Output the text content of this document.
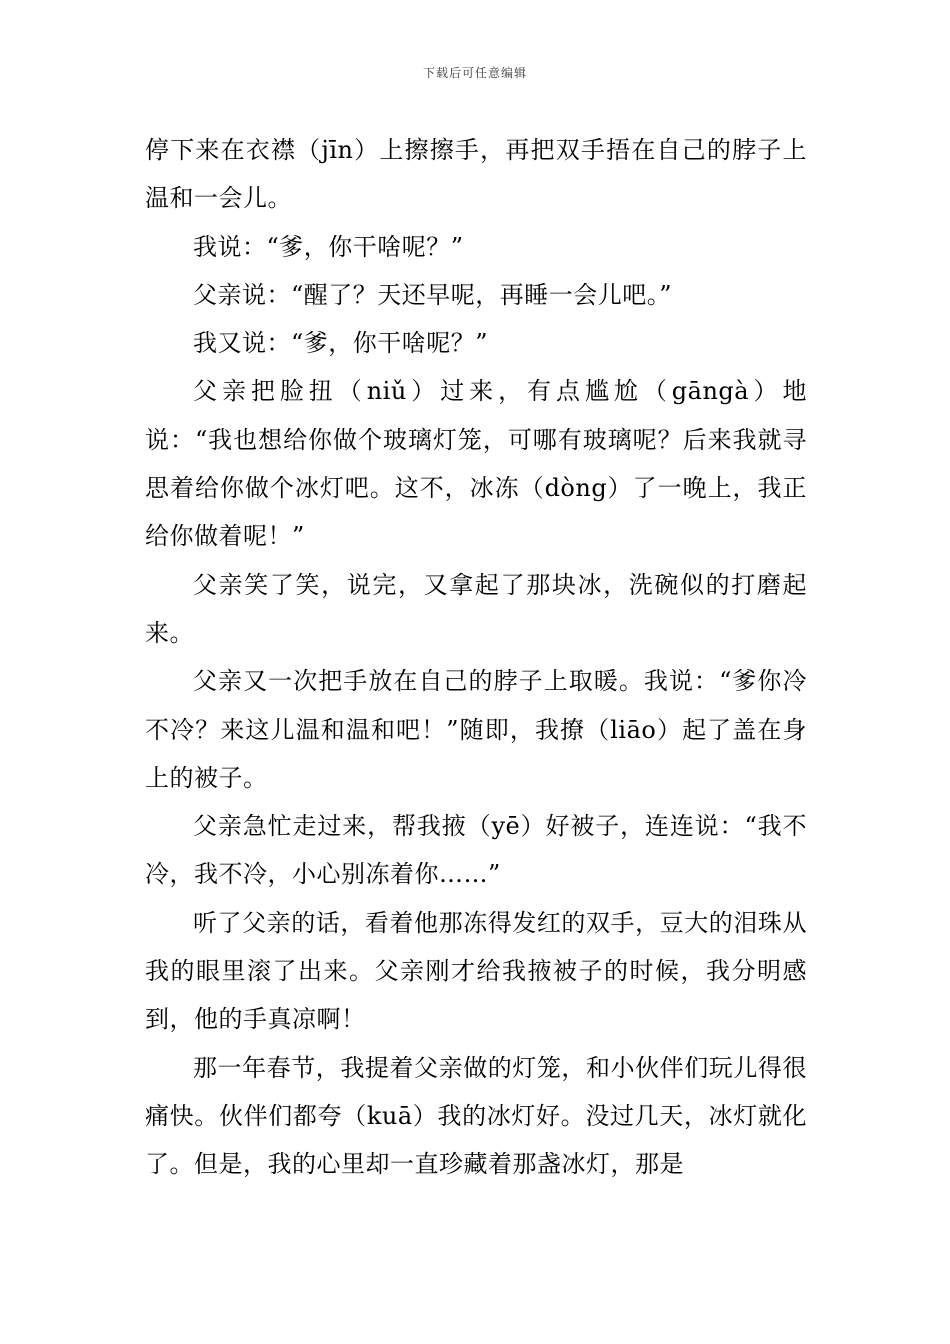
下载后可任意编辑

停下来在衣襟（jīn）上擦擦手，再把双手捂在自己的脖子上温和一会儿。

我说：“爹，你干啥呢？”

父亲说：“醒了？天还早呢，再睡一会儿吧。”

我又说：“爹，你干啥呢？”

父亲把脸扭（niǔ）过来，有点尴尬（gāngà）地说：“我也想给你做个玻璃灯笼，可哪有玻璃呢？后来我就寻思着给你做个冰灯吧。这不，冰冻（dòng）了一晚上，我正给你做着呢！”

父亲笑了笑，说完，又拿起了那块冰，洗碗似的打磨起来。

父亲又一次把手放在自己的脖子上取暖。我说：“爹你冷不冷？来这儿温和温和吧！”随即，我撩（liāo）起了盖在身上的被子。

父亲急忙走过来，帮我掖（yē）好被子，连连说：“我不冷，我不冷，小心别冻着你……”

听了父亲的话，看着他那冻得发红的双手，豆大的泪珠从我的眼里滚了出来。父亲刚才给我掖被子的时候，我分明感到，他的手真凉啊！

那一年春节，我提着父亲做的灯笼，和小伙伴们玩儿得很痛快。伙伴们都夸（kuā）我的冰灯好。没过几天，冰灯就化了。但是，我的心里却一直珍藏着那盏冰灯，那是
